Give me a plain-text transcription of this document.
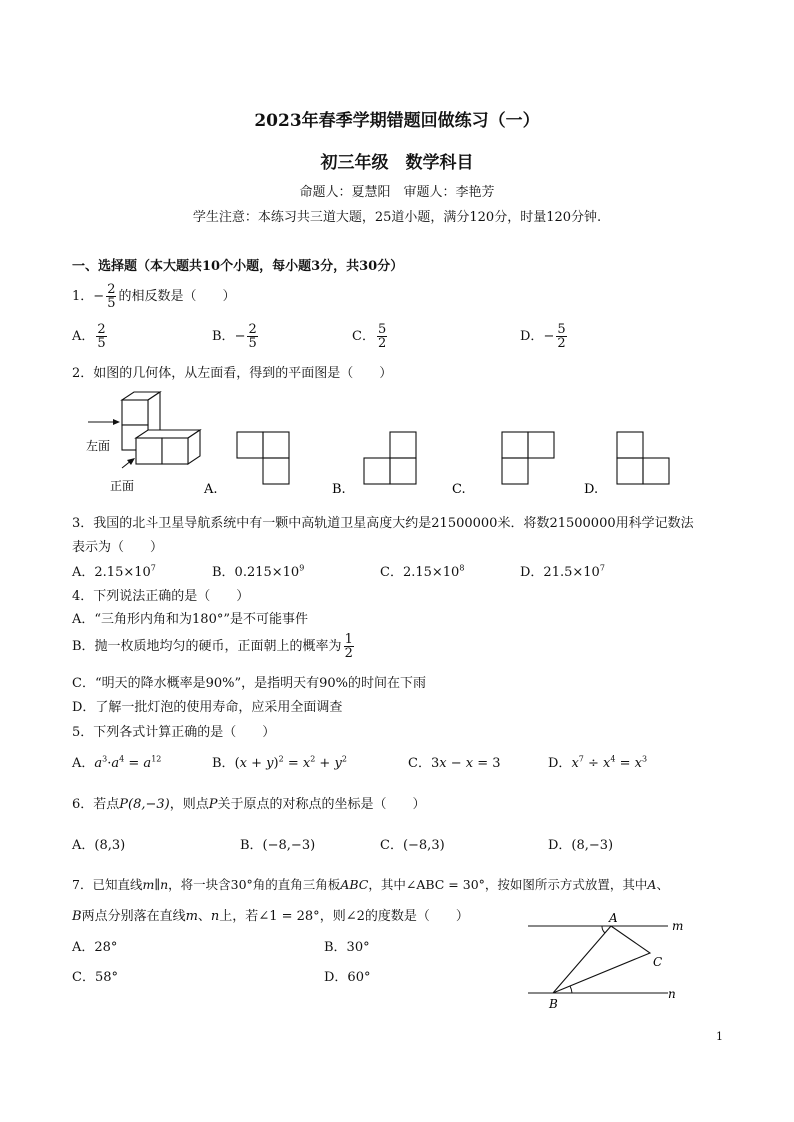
2023年春季学期错题回做练习（一）
初三年级　数学科目
命题人：夏慧阳　审题人：李艳芳
学生注意：本练习共三道大题，25道小题，满分120分，时量120分钟.
一、选择题（本大题共10个小题，每小题3分，共30分）
1．− $\frac{2}{5}$ 的相反数是（　　）
A． $\frac{2}{5}$	B．− $\frac{2}{5}$	C． $\frac{5}{2}$	D．− $\frac{5}{2}$
2．如图的几何体，从左面看，得到的平面图是（　　）
左面
正面	A.	B.	C.	D.
3．我国的北斗卫星导航系统中有一颗中高轨道卫星高度大约是21500000米．将数21500000用科学记数法
表示为（　　）
A．$2.15\times 10^7$	B．$0.215\times 10^9$	C．$2.15\times 10^8$	D．$21.5\times 10^7$
4．下列说法正确的是（　　）
A．“三角形内角和为180°”是不可能事件
B．抛一枚质地均匀的硬币，正面朝上的概率为 $\frac{1}{2}$
C．“明天的降水概率是90%”，是指明天有90%的时间在下雨
D．了解一批灯泡的使用寿命，应采用全面调查
5．下列各式计算正确的是（　　）
A．$a^3\cdot a^4 = a^{12}$	B．$(x + y)^2 = x^2 + y^2$	C．3x − x = 3	D．$x^7 \div x^4 = x^3$
6．若点P(8,−3)，则点P关于原点的对称点的坐标是（　　）
A．(8,3)	B．(−8,−3)	C．(−8,3)	D．(8,−3)
7．已知直线m∥n，将一块含30°角的直角三角板ABC，其中∠ABC = 30°，按如图所示方式放置，其中A、
B两点分别落在直线m、n上，若∠1 = 28°，则∠2的度数是（　　）
A．28°	B．30°
C．58°	D．60°
A
B
C
m
n
1
